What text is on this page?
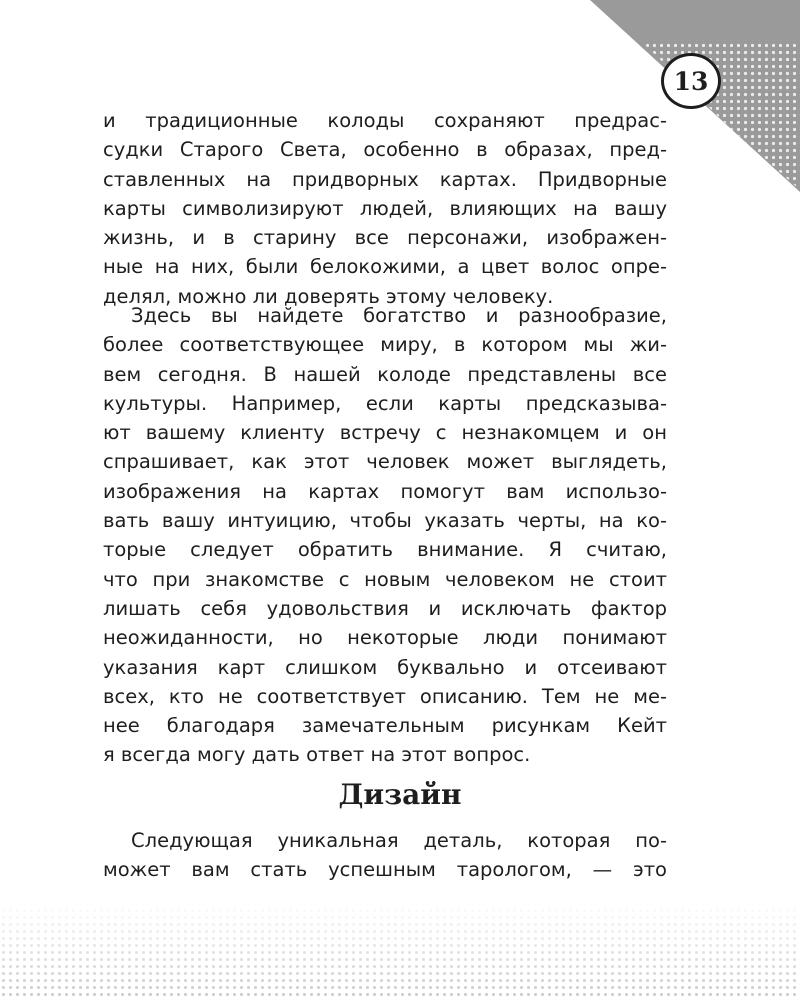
13
и традиционные колоды сохраняют предрас-
судки Старого Света, особенно в образах, пред-
ставленных на придворных картах. Придворные
карты символизируют людей, влияющих на вашу
жизнь, и в старину все персонажи, изображен-
ные на них, были белокожими, а цвет волос опре-
делял, можно ли доверять этому человеку.
Здесь вы найдете богатство и разнообразие,
более соответствующее миру, в котором мы жи-
вем сегодня. В нашей колоде представлены все
культуры. Например, если карты предсказыва-
ют вашему клиенту встречу с незнакомцем и он
спрашивает, как этот человек может выглядеть,
изображения на картах помогут вам использо-
вать вашу интуицию, чтобы указать черты, на ко-
торые следует обратить внимание. Я считаю,
что при знакомстве с новым человеком не стоит
лишать себя удовольствия и исключать фактор
неожиданности, но некоторые люди понимают
указания карт слишком буквально и отсеивают
всех, кто не соответствует описанию. Тем не ме-
нее благодаря замечательным рисункам Кейт
я всегда могу дать ответ на этот вопрос.
Дизайн
Следующая уникальная деталь, которая по-
может вам стать успешным тарологом, — это
